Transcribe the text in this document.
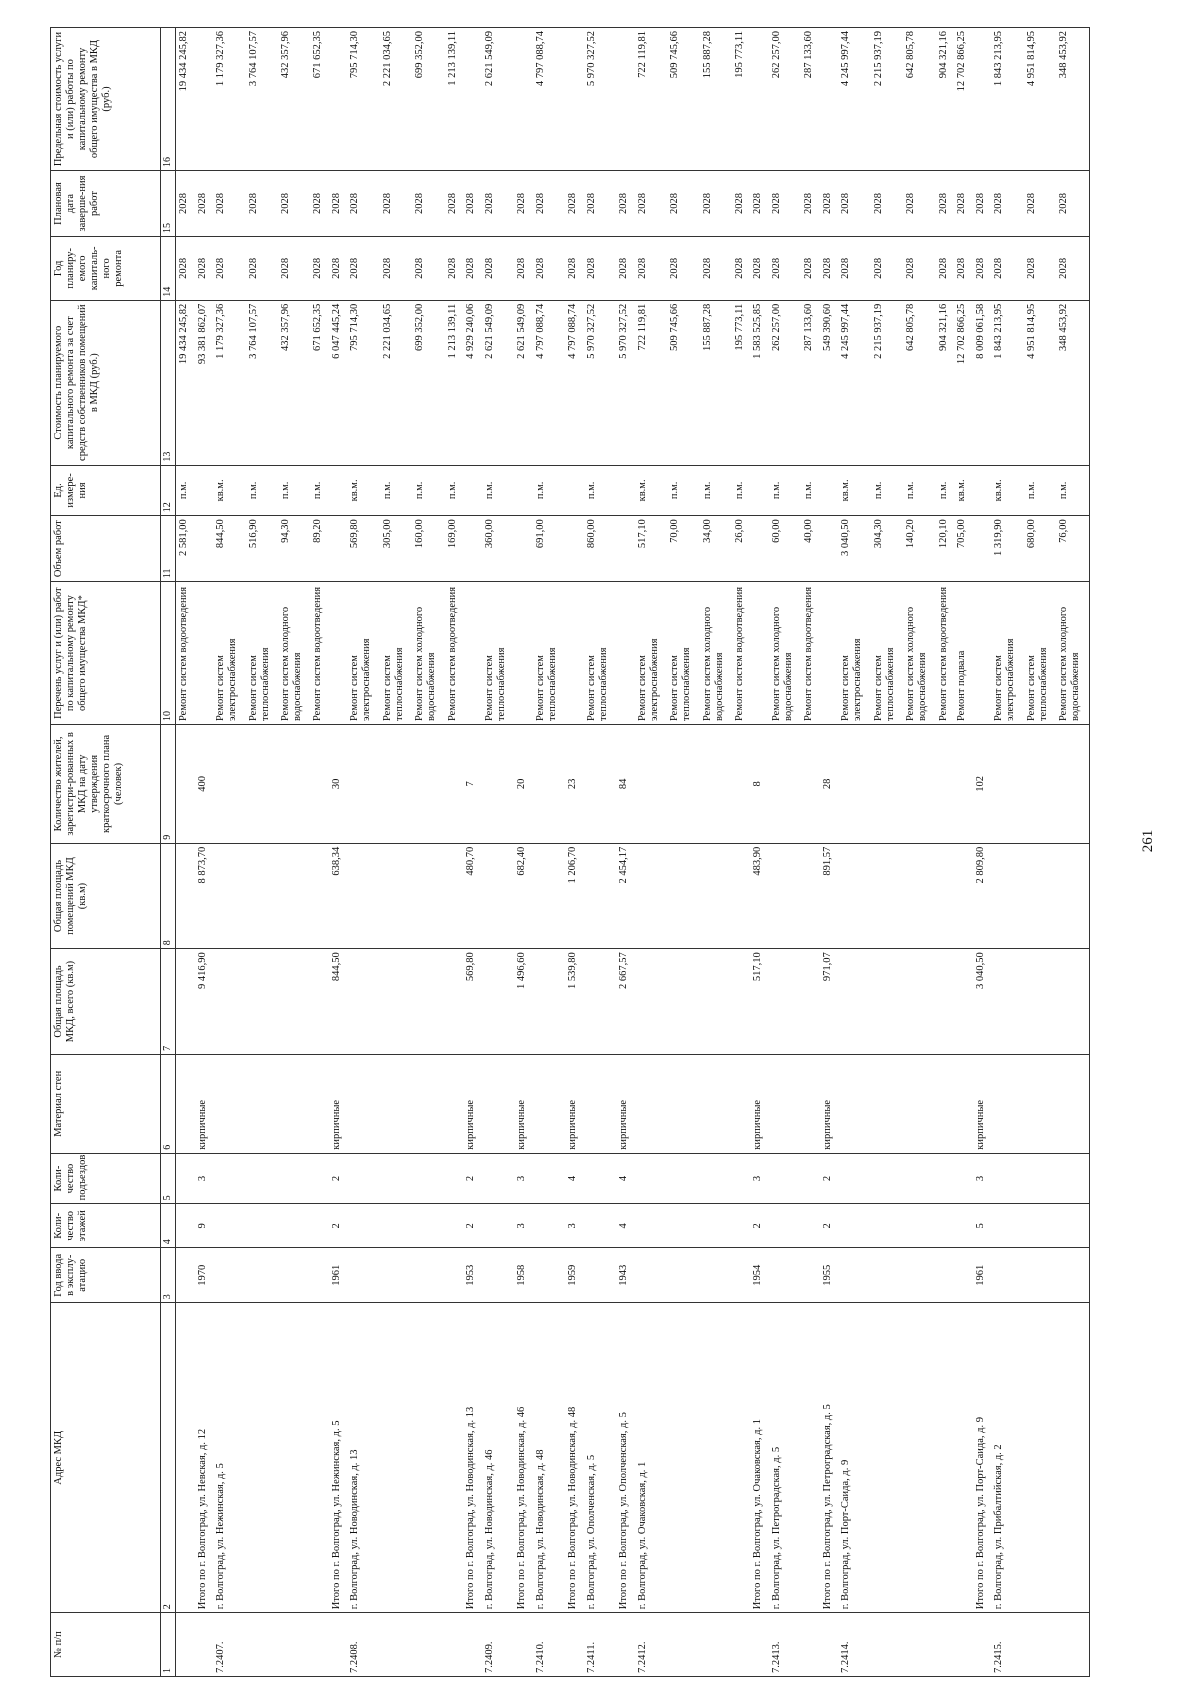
261
№ п/п	Адрес МКД	Год ввода в эксплу-атацию	Коли-чество этажей	Коли-чество подъездов	Материал стен	Общая площадь МКД, всего (кв.м)	Общая площадь помещений МКД (кв.м)	Количество жителей, зарегистри-рованных в МКД на дату утверждения краткосрочного плана (человек)	Перечень услуг и (или) работ по капитальному ремонту общего имущества МКД*	Объем работ	Ед. измере-ния	Стоимость планируемого капитального ремонта за счет средств собственников помещений в МКД (руб.)	Год планиру-емого капиталь-ного ремонта	Плановая дата заверше-ния работ	Предельная стоимость услуги и (или) работы по капитальному ремонту общего имущества в МКД (руб.)
1	2	3	4	5	6	7	8	9	10	11	12	13	14	15	16
									Ремонт систем водоотведения	2 581,00	п.м.	19 434 245,82	2028	2028	19 434 245,82
	Итого по г. Волгоград, ул. Невская, д. 12	1970	9	3	кирпичные	9 416,90	8 873,70	400				93 381 862,07	2028	2028	
7.2407.	г. Волгоград, ул. Нежинская, д. 5								Ремонт систем электроснабжения	844,50	кв.м.	1 179 327,36	2028	2028	1 179 327,36
									Ремонт систем теплоснабжения	516,90	п.м.	3 764 107,57	2028	2028	3 764 107,57
									Ремонт систем холодного водоснабжения	94,30	п.м.	432 357,96	2028	2028	432 357,96
									Ремонт систем водоотведения	89,20	п.м.	671 652,35	2028	2028	671 652,35
	Итого по г. Волгоград, ул. Нежинская, д. 5	1961	2	2	кирпичные	844,50	638,34	30				6 047 445,24	2028	2028	
7.2408.	г. Волгоград, ул. Новодинская, д. 13								Ремонт систем электроснабжения	569,80	кв.м.	795 714,30	2028	2028	795 714,30
									Ремонт систем теплоснабжения	305,00	п.м.	2 221 034,65	2028	2028	2 221 034,65
									Ремонт систем холодного водоснабжения	160,00	п.м.	699 352,00	2028	2028	699 352,00
									Ремонт систем водоотведения	169,00	п.м.	1 213 139,11	2028	2028	1 213 139,11
	Итого по г. Волгоград, ул. Новодинская, д. 13	1953	2	2	кирпичные	569,80	480,70	7				4 929 240,06	2028	2028	
7.2409.	г. Волгоград, ул. Новодинская, д. 46								Ремонт систем теплоснабжения	360,00	п.м.	2 621 549,09	2028	2028	2 621 549,09
	Итого по г. Волгоград, ул. Новодинская, д. 46	1958	3	3	кирпичные	1 496,60	682,40	20				2 621 549,09	2028	2028	
7.2410.	г. Волгоград, ул. Новодинская, д. 48								Ремонт систем теплоснабжения	691,00	п.м.	4 797 088,74	2028	2028	4 797 088,74
	Итого по г. Волгоград, ул. Новодинская, д. 48	1959	3	4	кирпичные	1 539,80	1 206,70	23				4 797 088,74	2028	2028	
7.2411.	г. Волгоград, ул. Ополченская, д. 5								Ремонт систем теплоснабжения	860,00	п.м.	5 970 327,52	2028	2028	5 970 327,52
	Итого по г. Волгоград, ул. Ополченская, д. 5	1943	4	4	кирпичные	2 667,57	2 454,17	84				5 970 327,52	2028	2028	
7.2412.	г. Волгоград, ул. Очаковская, д. 1								Ремонт систем электроснабжения	517,10	кв.м.	722 119,81	2028	2028	722 119,81
									Ремонт систем теплоснабжения	70,00	п.м.	509 745,66	2028	2028	509 745,66
									Ремонт систем холодного водоснабжения	34,00	п.м.	155 887,28	2028	2028	155 887,28
									Ремонт систем водоотведения	26,00	п.м.	195 773,11	2028	2028	195 773,11
	Итого по г. Волгоград, ул. Очаковская, д. 1	1954	2	3	кирпичные	517,10	483,90	8				1 583 525,85	2028	2028	
7.2413.	г. Волгоград, ул. Петроградская, д. 5								Ремонт систем холодного водоснабжения	60,00	п.м.	262 257,00	2028	2028	262 257,00
									Ремонт систем водоотведения	40,00	п.м.	287 133,60	2028	2028	287 133,60
	Итого по г. Волгоград, ул. Петроградская, д. 5	1955	2	2	кирпичные	971,07	891,57	28				549 390,60	2028	2028	
7.2414.	г. Волгоград, ул. Порт-Саида, д. 9								Ремонт систем электроснабжения	3 040,50	кв.м.	4 245 997,44	2028	2028	4 245 997,44
									Ремонт систем теплоснабжения	304,30	п.м.	2 215 937,19	2028	2028	2 215 937,19
									Ремонт систем холодного водоснабжения	140,20	п.м.	642 805,78	2028	2028	642 805,78
									Ремонт систем водоотведения	120,10	п.м.	904 321,16	2028	2028	904 321,16
									Ремонт подвала	705,00	кв.м.	12 702 866,25	2028	2028	12 702 866,25
	Итого по г. Волгоград, ул. Порт-Саида, д. 9	1961	5	3	кирпичные	3 040,50	2 809,80	102				8 009 061,58	2028	2028	
7.2415.	г. Волгоград, ул. Прибалтийская, д. 2								Ремонт систем электроснабжения	1 319,90	кв.м.	1 843 213,95	2028	2028	1 843 213,95
									Ремонт систем теплоснабжения	680,00	п.м.	4 951 814,95	2028	2028	4 951 814,95
									Ремонт систем холодного водоснабжения	76,00	п.м.	348 453,92	2028	2028	348 453,92
